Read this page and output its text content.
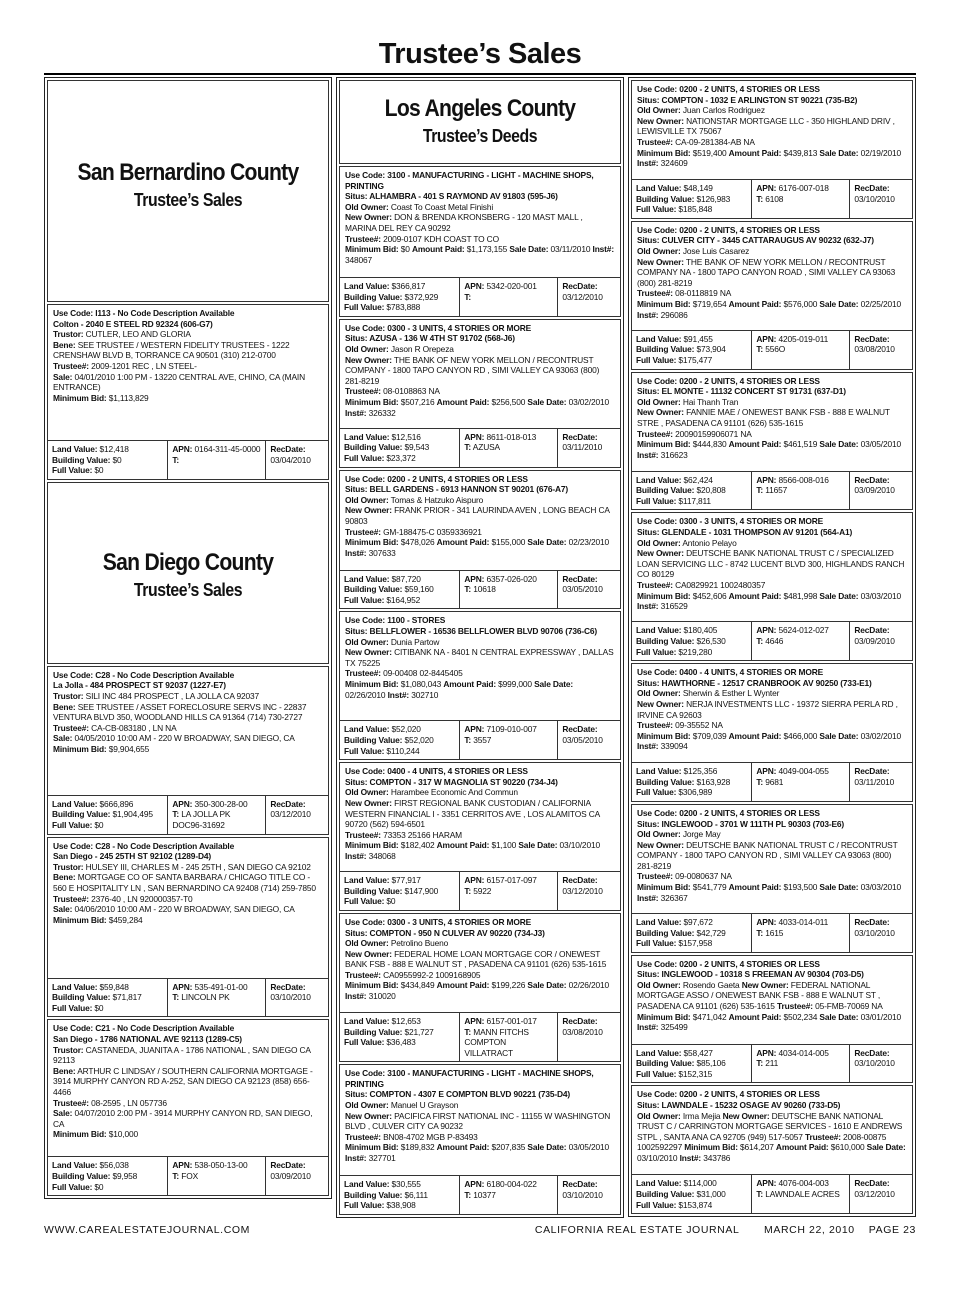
Trustee’s Sales
San Bernardino County
Trustee’s Sales
Use Code: I113 - No Code Description Available
Colton - 2040 E STEEL RD 92324 (606-G7)
Trustor: CUTLER, LEO AND GLORIA
Bene: SEE TRUSTEE / WESTERN FIDELITY TRUSTEES - 1222 CRENSHAW BLVD B, TORRANCE CA 90501 (310) 212-0700
Trustee#: 2009-1201 REC , LN STEEL-
Sale: 04/01/2010 1:00 PM - 13220 CENTRAL AVE, CHINO, CA (MAIN ENTRANCE)
Minimum Bid: $1,113,829
Land Value: $12,418
Building Value: $0
Full Value: $0
APN: 0164-311-45-0000
T:
RecDate:
03/04/2010
San Diego County
Trustee’s Sales
Use Code: C28 - No Code Description Available
La Jolla - 484 PROSPECT ST 92037 (1227-E7)
Trustor: SILI INC 484 PROSPECT , LA JOLLA CA 92037
Bene: SEE TRUSTEE / ASSET FORECLOSURE SERVS INC - 22837 VENTURA BLVD 350, WOODLAND HILLS CA 91364 (714) 730-2727
Trustee#: CA-CB-083180 , LN NA
Sale: 04/05/2010 10:00 AM - 220 W BROADWAY, SAN DIEGO, CA
Minimum Bid: $9,904,655
Land Value: $666,896
Building Value: $1,904,495
Full Value: $0
APN: 350-300-28-00
T: LA JOLLA PK DOC96-31692
RecDate:
03/12/2010
Use Code: C28 - No Code Description Available
San Diego - 245 25TH ST 92102 (1289-D4)
Trustor: HULSEY III, CHARLES M - 245 25TH , SAN DIEGO CA 92102
Bene: MORTGAGE CO OF SANTA BARBARA / CHICAGO TITLE CO - 560 E HOSPITALITY LN , SAN BERNARDINO CA 92408 (714) 259-7850
Trustee#: 2376-40 , LN 920000357-T0
Sale: 04/06/2010 10:00 AM - 220 W BROADWAY, SAN DIEGO, CA
Minimum Bid: $459,284
Land Value: $59,848
Building Value: $71,817
Full Value: $0
APN: 535-491-01-00
T: LINCOLN PK
RecDate:
03/10/2010
Use Code: C21 - No Code Description Available
San Diego - 1786 NATIONAL AVE 92113 (1289-C5)
Trustor: CASTANEDA, JUANITA A - 1786 NATIONAL , SAN DIEGO CA 92113
Bene: ARTHUR C LINDSAY / SOUTHERN CALIFORNIA MORTGAGE - 3914 MURPHY CANYON RD A-252, SAN DIEGO CA 92123 (858) 656-4466
Trustee#: 08-2595 , LN 057736
Sale: 04/07/2010 2:00 PM - 3914 MURPHY CANYON RD, SAN DIEGO, CA
Minimum Bid: $10,000
Land Value: $56,038
Building Value: $9,958
Full Value: $0
APN: 538-050-13-00
T: FOX
RecDate:
03/09/2010
Los Angeles County
Trustee’s Deeds
Use Code: 3100 - MANUFACTURING - LIGHT - MACHINE SHOPS, PRINTING
Situs: ALHAMBRA - 401 S RAYMOND AV 91803 (595-J6)
Old Owner: Coast To Coast Metal Finishi
New Owner: DON & BRENDA KRONSBERG - 120 MAST MALL , MARINA DEL REY CA 90292
Trustee#: 2009-0107 KDH COAST TO CO
Minimum Bid: $0 Amount Paid: $1,173,155 Sale Date: 03/11/2010 Inst#: 348067
Land Value: $366,817
Building Value: $372,929
Full Value: $783,888
APN: 5342-020-001
T:
RecDate:
03/12/2010
Use Code: 0300 - 3 UNITS, 4 STORIES OR MORE
Situs: AZUSA - 136 W 4TH ST 91702 (568-J6)
Old Owner: Jason R Orepeza
New Owner: THE BANK OF NEW YORK MELLON / RECONTRUST COMPANY - 1800 TAPO CANYON RD , SIMI VALLEY CA 93063 (800) 281-8219
Trustee#: 08-0108863 NA
Minimum Bid: $507,216 Amount Paid: $256,500 Sale Date: 03/02/2010 Inst#: 326332
Land Value: $12,516
Building Value: $9,543
Full Value: $23,372
APN: 8611-018-013
T: AZUSA
RecDate:
03/11/2010
Use Code: 0200 - 2 UNITS, 4 STORIES OR LESS
Situs: BELL GARDENS - 6913 HANNON ST 90201 (676-A7)
Old Owner: Tomas & Hatzuko Aispuro
New Owner: FRANK PRIOR - 341 LAURINDA AVEN , LONG BEACH CA 90803
Trustee#: GM-188475-C 0359336921
Minimum Bid: $478,026 Amount Paid: $155,000 Sale Date: 02/23/2010 Inst#: 307633
Land Value: $87,720
Building Value: $59,160
Full Value: $164,952
APN: 6357-026-020
T: 10618
RecDate:
03/05/2010
Use Code: 1100 - STORES
Situs: BELLFLOWER - 16536 BELLFLOWER BLVD 90706 (736-C6)
Old Owner: Dunia Partow
New Owner: CITIBANK NA - 8401 N CENTRAL EXPRESSWAY , DALLAS TX 75225
Trustee#: 09-00408 02-8445405
Minimum Bid: $1,080,043 Amount Paid: $999,000 Sale Date: 02/26/2010 Inst#: 302710
Land Value: $52,020
Building Value: $52,020
Full Value: $110,244
APN: 7109-010-007
T: 3557
RecDate:
03/05/2010
Use Code: 0400 - 4 UNITS, 4 STORIES OR LESS
Situs: COMPTON - 317 W MAGNOLIA ST 90220 (734-J4)
Old Owner: Harambee Economic And Commun
New Owner: FIRST REGIONAL BANK CUSTODIAN / CALIFORNIA WESTERN FINANCIAL I - 3351 CERRITOS AVE , LOS ALAMITOS CA 90720 (562) 594-6501
Trustee#: 73353 25166 HARAM
Minimum Bid: $182,402 Amount Paid: $1,100 Sale Date: 03/10/2010 Inst#: 348068
Land Value: $77,917
Building Value: $147,900
Full Value: $0
APN: 6157-017-097
T: 5922
RecDate:
03/12/2010
Use Code: 0300 - 3 UNITS, 4 STORIES OR MORE
Situs: COMPTON - 950 N CULVER AV 90220 (734-J3)
Old Owner: Petrolino Bueno
New Owner: FEDERAL HOME LOAN MORTGAGE COR / ONEWEST BANK FSB - 888 E WALNUT ST , PASADENA CA 91101 (626) 535-1615
Trustee#: CA0955992-2 1009168905
Minimum Bid: $434,849 Amount Paid: $199,226 Sale Date: 02/26/2010 Inst#: 310020
Land Value: $12,653
Building Value: $21,727
Full Value: $36,483
APN: 6157-001-017
T: MANN FITCHS COMPTON VILLATRACT
RecDate:
03/08/2010
Use Code: 3100 - MANUFACTURING - LIGHT - MACHINE SHOPS, PRINTING
Situs: COMPTON - 4307 E COMPTON BLVD 90221 (735-D4)
Old Owner: Manuel U Grayson
New Owner: PACIFICA FIRST NATIONAL INC - 11155 W WASHINGTON BLVD , CULVER CITY CA 90232
Trustee#: BN08-4702 MGB P-83493
Minimum Bid: $189,832 Amount Paid: $207,835 Sale Date: 03/05/2010 Inst#: 327701
Land Value: $30,555
Building Value: $6,111
Full Value: $38,908
APN: 6180-004-022
T: 10377
RecDate:
03/10/2010
Use Code: 0200 - 2 UNITS, 4 STORIES OR LESS
Situs: COMPTON - 1032 E ARLINGTON ST 90221 (735-B2)
Old Owner: Juan Carlos Rodriguez
New Owner: NATIONSTAR MORTGAGE LLC - 350 HIGHLAND DRIV , LEWISVILLE TX 75067
Trustee#: CA-09-281384-AB NA
Minimum Bid: $519,400 Amount Paid: $439,813 Sale Date: 02/19/2010 Inst#: 324609
Land Value: $48,149
Building Value: $126,983
Full Value: $185,848
APN: 6176-007-018
T: 6108
RecDate:
03/10/2010
Use Code: 0200 - 2 UNITS, 4 STORIES OR LESS
Situs: CULVER CITY - 3445 CATTARAUGUS AV 90232 (632-J7)
Old Owner: Jose Luis Casarez
New Owner: THE BANK OF NEW YORK MELLON / RECONTRUST COMPANY NA - 1800 TAPO CANYON ROAD , SIMI VALLEY CA 93063 (800) 281-8219
Trustee#: 08-0118819 NA
Minimum Bid: $719,654 Amount Paid: $576,000 Sale Date: 02/25/2010 Inst#: 296086
Land Value: $91,455
Building Value: $73,904
Full Value: $175,477
APN: 4205-019-011
T: 556O
RecDate:
03/08/2010
Use Code: 0200 - 2 UNITS, 4 STORIES OR LESS
Situs: EL MONTE - 11132 CONCERT ST 91731 (637-D1)
Old Owner: Hai Thanh Tran
New Owner: FANNIE MAE / ONEWEST BANK FSB - 888 E WALNUT STRE , PASADENA CA 91101 (626) 535-1615
Trustee#: 20090159906071 NA
Minimum Bid: $444,830 Amount Paid: $461,519 Sale Date: 03/05/2010 Inst#: 316623
Land Value: $62,424
Building Value: $20,808
Full Value: $117,811
APN: 8566-008-016
T: 11657
RecDate:
03/09/2010
Use Code: 0300 - 3 UNITS, 4 STORIES OR MORE
Situs: GLENDALE - 1031 THOMPSON AV 91201 (564-A1)
Old Owner: Antonio Pelayo
New Owner: DEUTSCHE BANK NATIONAL TRUST C / SPECIALIZED LOAN SERVICING LLC - 8742 LUCENT BLVD 300, HIGHLANDS RANCH CO 80129
Trustee#: CA0829921 1002480357
Minimum Bid: $452,606 Amount Paid: $481,998 Sale Date: 03/03/2010 Inst#: 316529
Land Value: $180,405
Building Value: $26,530
Full Value: $219,280
APN: 5624-012-027
T: 4646
RecDate:
03/09/2010
Use Code: 0400 - 4 UNITS, 4 STORIES OR MORE
Situs: HAWTHORNE - 12517 CRANBROOK AV 90250 (733-E1)
Old Owner: Sherwin & Esther L Wynter
New Owner: NERJA INVESTMENTS LLC - 19372 SIERRA PERLA RD , IRVINE CA 92603
Trustee#: 09-35552 NA
Minimum Bid: $709,039 Amount Paid: $466,000 Sale Date: 03/02/2010 Inst#: 339094
Land Value: $125,356
Building Value: $163,928
Full Value: $306,989
APN: 4049-004-055
T: 9681
RecDate:
03/11/2010
Use Code: 0200 - 2 UNITS, 4 STORIES OR LESS
Situs: INGLEWOOD - 3701 W 111TH PL 90303 (703-E6)
Old Owner: Jorge May
New Owner: DEUTSCHE BANK NATIONAL TRUST C / RECONTRUST COMPANY - 1800 TAPO CANYON RD , SIMI VALLEY CA 93063 (800) 281-8219
Trustee#: 09-0080637 NA
Minimum Bid: $541,779 Amount Paid: $193,500 Sale Date: 03/03/2010 Inst#: 326367
Land Value: $97,672
Building Value: $42,729
Full Value: $157,958
APN: 4033-014-011
T: 1615
RecDate:
03/10/2010
Use Code: 0200 - 2 UNITS, 4 STORIES OR LESS
Situs: INGLEWOOD - 10318 S FREEMAN AV 90304 (703-D5)
Old Owner: Rosendo Gaeta New Owner: FEDERAL NATIONAL MORTGAGE ASSO / ONEWEST BANK FSB - 888 E WALNUT ST , PASADENA CA 91101 (626) 535-1615 Trustee#: 05-FMB-70069 NA
Minimum Bid: $471,042 Amount Paid: $502,234 Sale Date: 03/01/2010 Inst#: 325499
Land Value: $58,427
Building Value: $85,106
Full Value: $152,315
APN: 4034-014-005
T: 211
RecDate:
03/10/2010
Use Code: 0200 - 2 UNITS, 4 STORIES OR LESS
Situs: LAWNDALE - 15232 OSAGE AV 90260 (733-D5)
Old Owner: Irma Mejia New Owner: DEUTSCHE BANK NATIONAL TRUST C / CARRINGTON MORTGAGE SERVICES - 1610 E ANDREWS STPL , SANTA ANA CA 92705 (949) 517-5057 Trustee#: 2008-00875 1002592297 Minimum Bid: $614,207 Amount Paid: $610,000 Sale Date: 03/10/2010 Inst#: 343786
Land Value: $114,000
Building Value: $31,000
Full Value: $153,874
APN: 4076-004-003
T: LAWNDALE ACRES
RecDate:
03/12/2010
WWW.CAREALESTATEJOURNAL.COM	CALIFORNIA REAL ESTATE JOURNAL MARCH 22, 2010 PAGE 23
